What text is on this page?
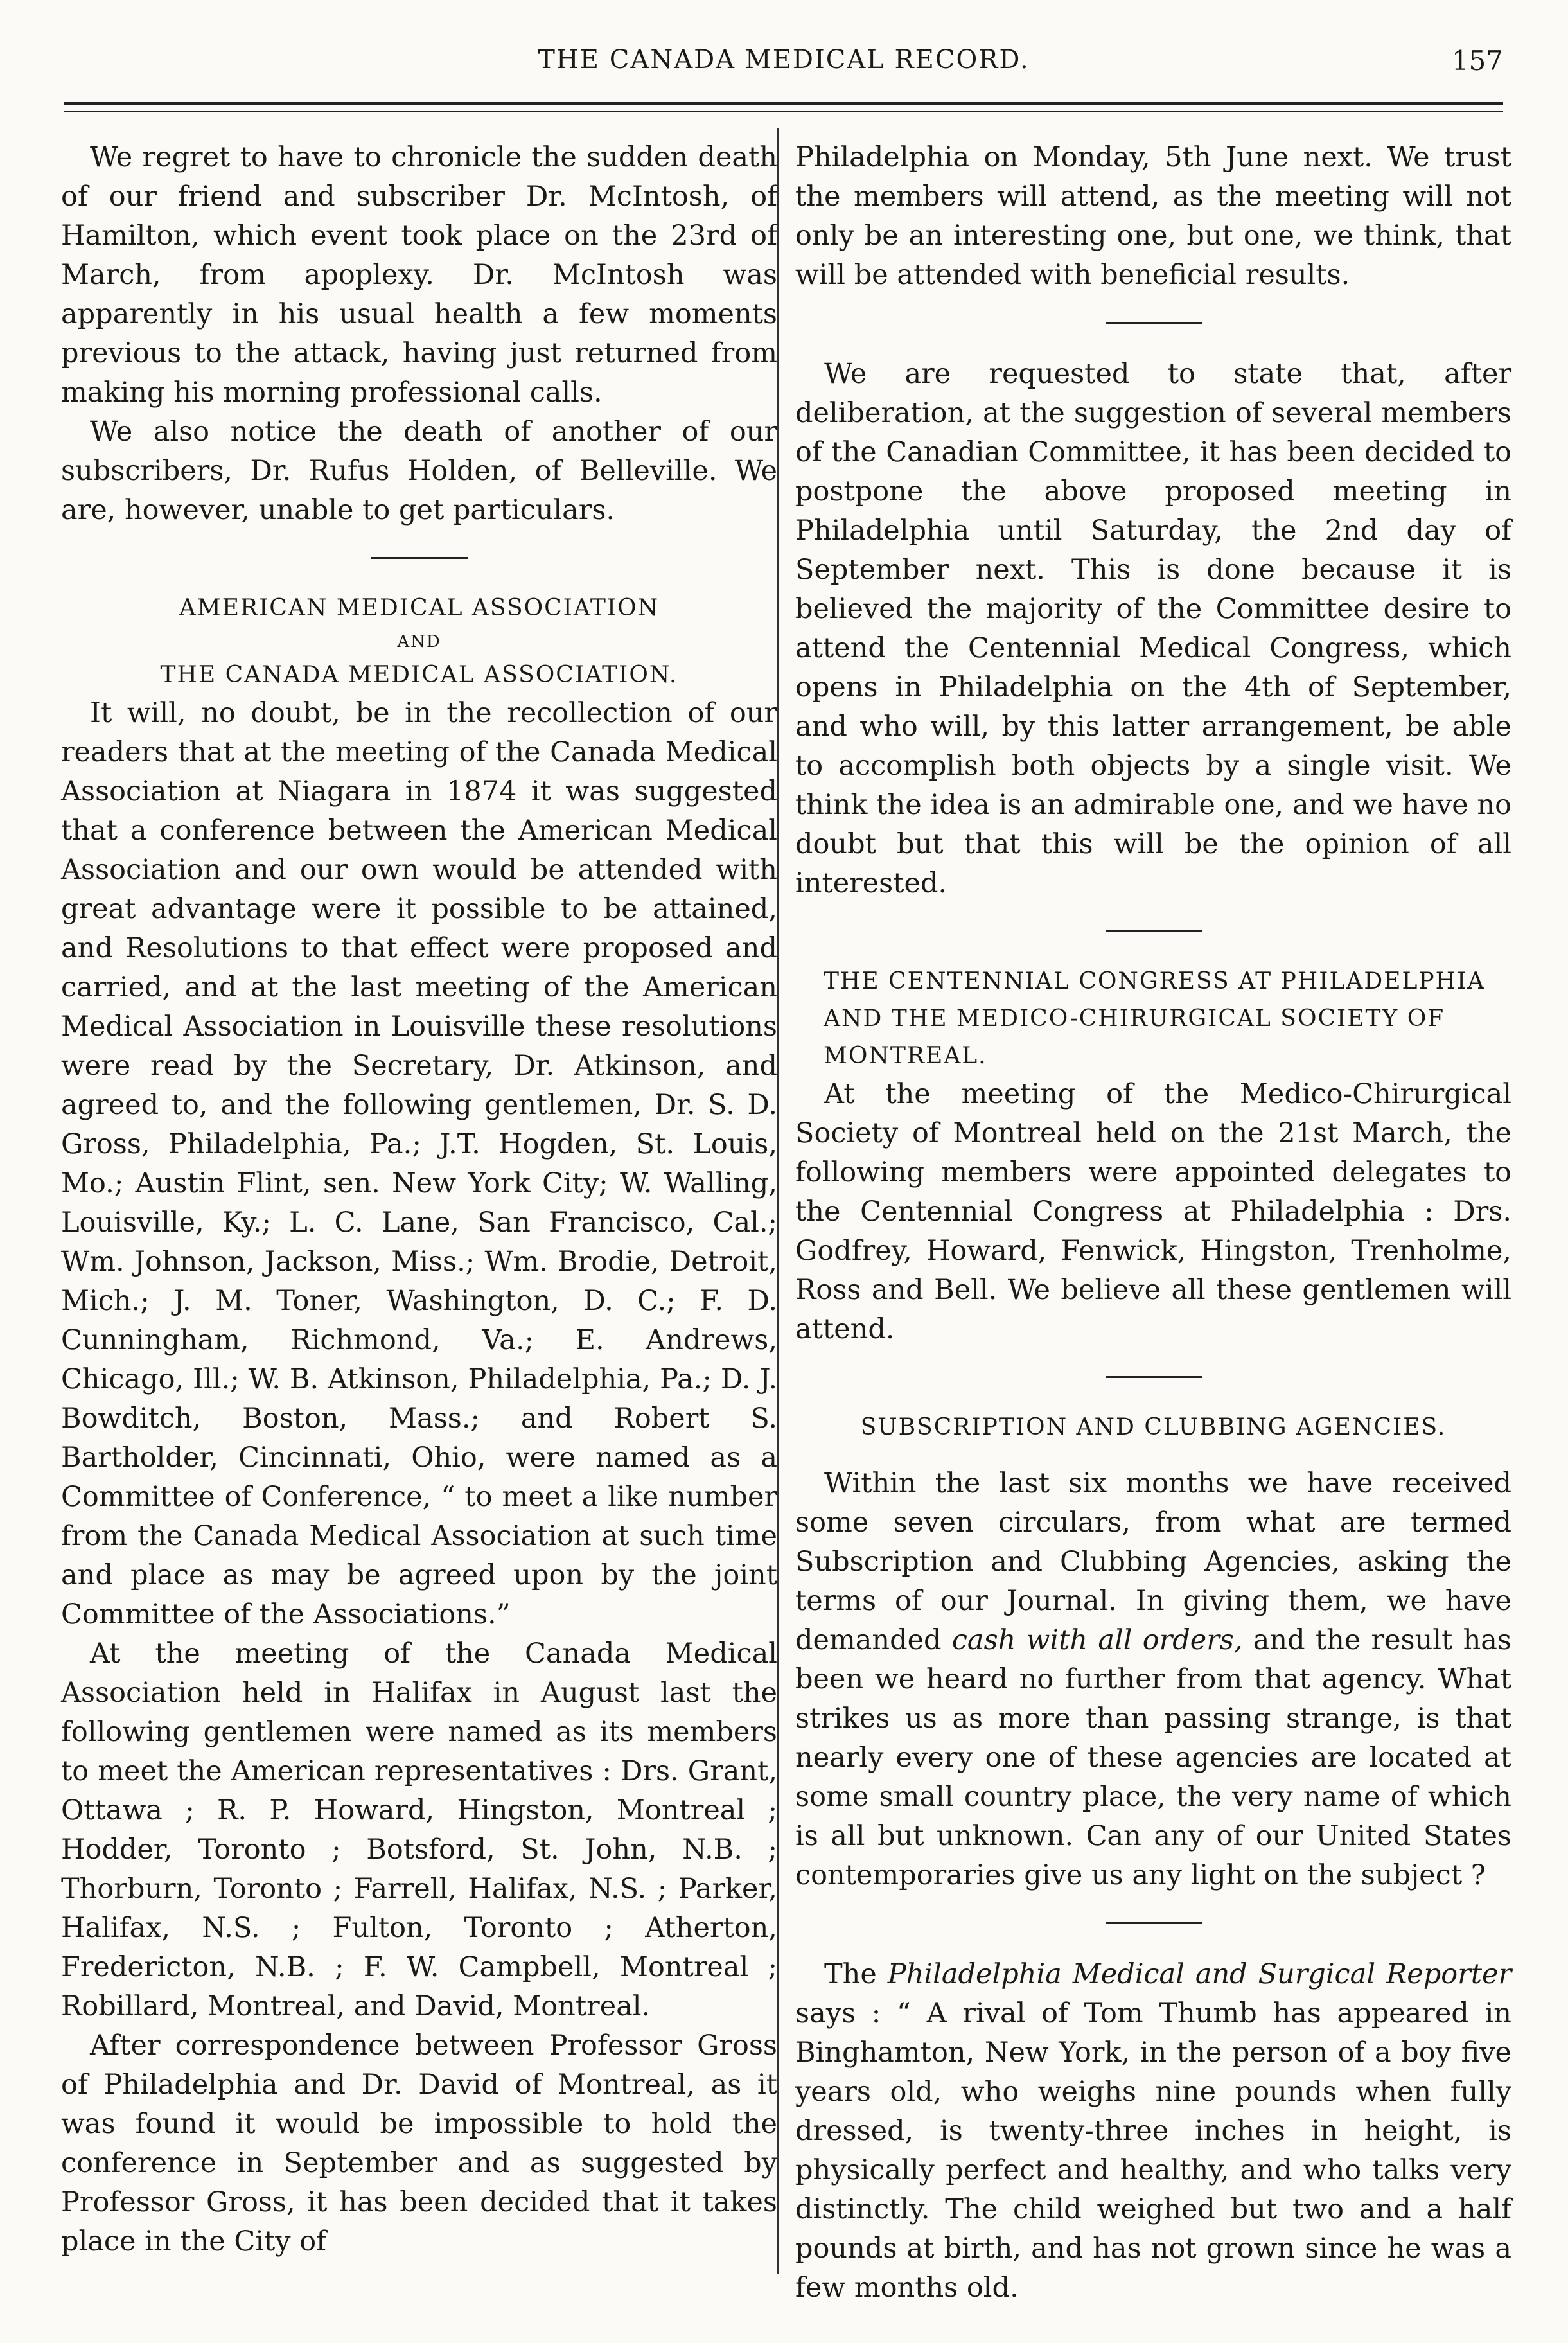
THE CANADA MEDICAL RECORD.	157

We regret to have to chronicle the sudden death of our friend and subscriber Dr. McIntosh, of Hamilton, which event took place on the 23rd of March, from apoplexy. Dr. McIntosh was apparently in his usual health a few moments previous to the attack, having just returned from making his morning professional calls.

We also notice the death of another of our subscribers, Dr. Rufus Holden, of Belleville. We are, however, unable to get particulars.

AMERICAN MEDICAL ASSOCIATION
AND
THE CANADA MEDICAL ASSOCIATION.

It will, no doubt, be in the recollection of our readers that at the meeting of the Canada Medical Association at Niagara in 1874 it was suggested that a conference between the American Medical Association and our own would be attended with great advantage were it possible to be attained, and Resolutions to that effect were proposed and carried, and at the last meeting of the American Medical Association in Louisville these resolutions were read by the Secretary, Dr. Atkinson, and agreed to, and the following gentlemen, Dr. S. D. Gross, Philadelphia, Pa.; J.T. Hogden, St. Louis, Mo.; Austin Flint, sen. New York City; W. Walling, Louisville, Ky.; L. C. Lane, San Francisco, Cal.; Wm. Johnson, Jackson, Miss.; Wm. Brodie, Detroit, Mich.; J. M. Toner, Washington, D. C.; F. D. Cunningham, Richmond, Va.; E. Andrews, Chicago, Ill.; W. B. Atkinson, Philadelphia, Pa.; D. J. Bowditch, Boston, Mass.; and Robert S. Bartholder, Cincinnati, Ohio, were named as a Committee of Conference, “ to meet a like number from the Canada Medical Association at such time and place as may be agreed upon by the joint Committee of the Associations.”

At the meeting of the Canada Medical Association held in Halifax in August last the following gentlemen were named as its members to meet the American representatives : Drs. Grant, Ottawa ; R. P. Howard, Hingston, Montreal ; Hodder, Toronto ; Botsford, St. John, N.B. ; Thorburn, Toronto ; Farrell, Halifax, N.S. ; Parker, Halifax, N.S. ; Fulton, Toronto ; Atherton, Fredericton, N.B. ; F. W. Campbell, Montreal ; Robillard, Montreal, and David, Montreal.

After correspondence between Professor Gross of Philadelphia and Dr. David of Montreal, as it was found it would be impossible to hold the conference in September and as suggested by Professor Gross, it has been decided that it takes place in the City of

Philadelphia on Monday, 5th June next. We trust the members will attend, as the meeting will not only be an interesting one, but one, we think, that will be attended with beneficial results.

We are requested to state that, after deliberation, at the suggestion of several members of the Canadian Committee, it has been decided to postpone the above proposed meeting in Philadelphia until Saturday, the 2nd day of September next. This is done because it is believed the majority of the Committee desire to attend the Centennial Medical Congress, which opens in Philadelphia on the 4th of September, and who will, by this latter arrangement, be able to accomplish both objects by a single visit. We think the idea is an admirable one, and we have no doubt but that this will be the opinion of all interested.

THE CENTENNIAL CONGRESS AT PHILADELPHIA AND THE MEDICO-CHIRURGICAL SOCIETY OF MONTREAL.

At the meeting of the Medico-Chirurgical Society of Montreal held on the 21st March, the following members were appointed delegates to the Centennial Congress at Philadelphia : Drs. Godfrey, Howard, Fenwick, Hingston, Trenholme, Ross and Bell. We believe all these gentlemen will attend.

SUBSCRIPTION AND CLUBBING AGENCIES.

Within the last six months we have received some seven circulars, from what are termed Subscription and Clubbing Agencies, asking the terms of our Journal. In giving them, we have demanded cash with all orders, and the result has been we heard no further from that agency. What strikes us as more than passing strange, is that nearly every one of these agencies are located at some small country place, the very name of which is all but unknown. Can any of our United States contemporaries give us any light on the subject ?

The Philadelphia Medical and Surgical Reporter says : “ A rival of Tom Thumb has appeared in Binghamton, New York, in the person of a boy five years old, who weighs nine pounds when fully dressed, is twenty-three inches in height, is physically perfect and healthy, and who talks very distinctly. The child weighed but two and a half pounds at birth, and has not grown since he was a few months old.
